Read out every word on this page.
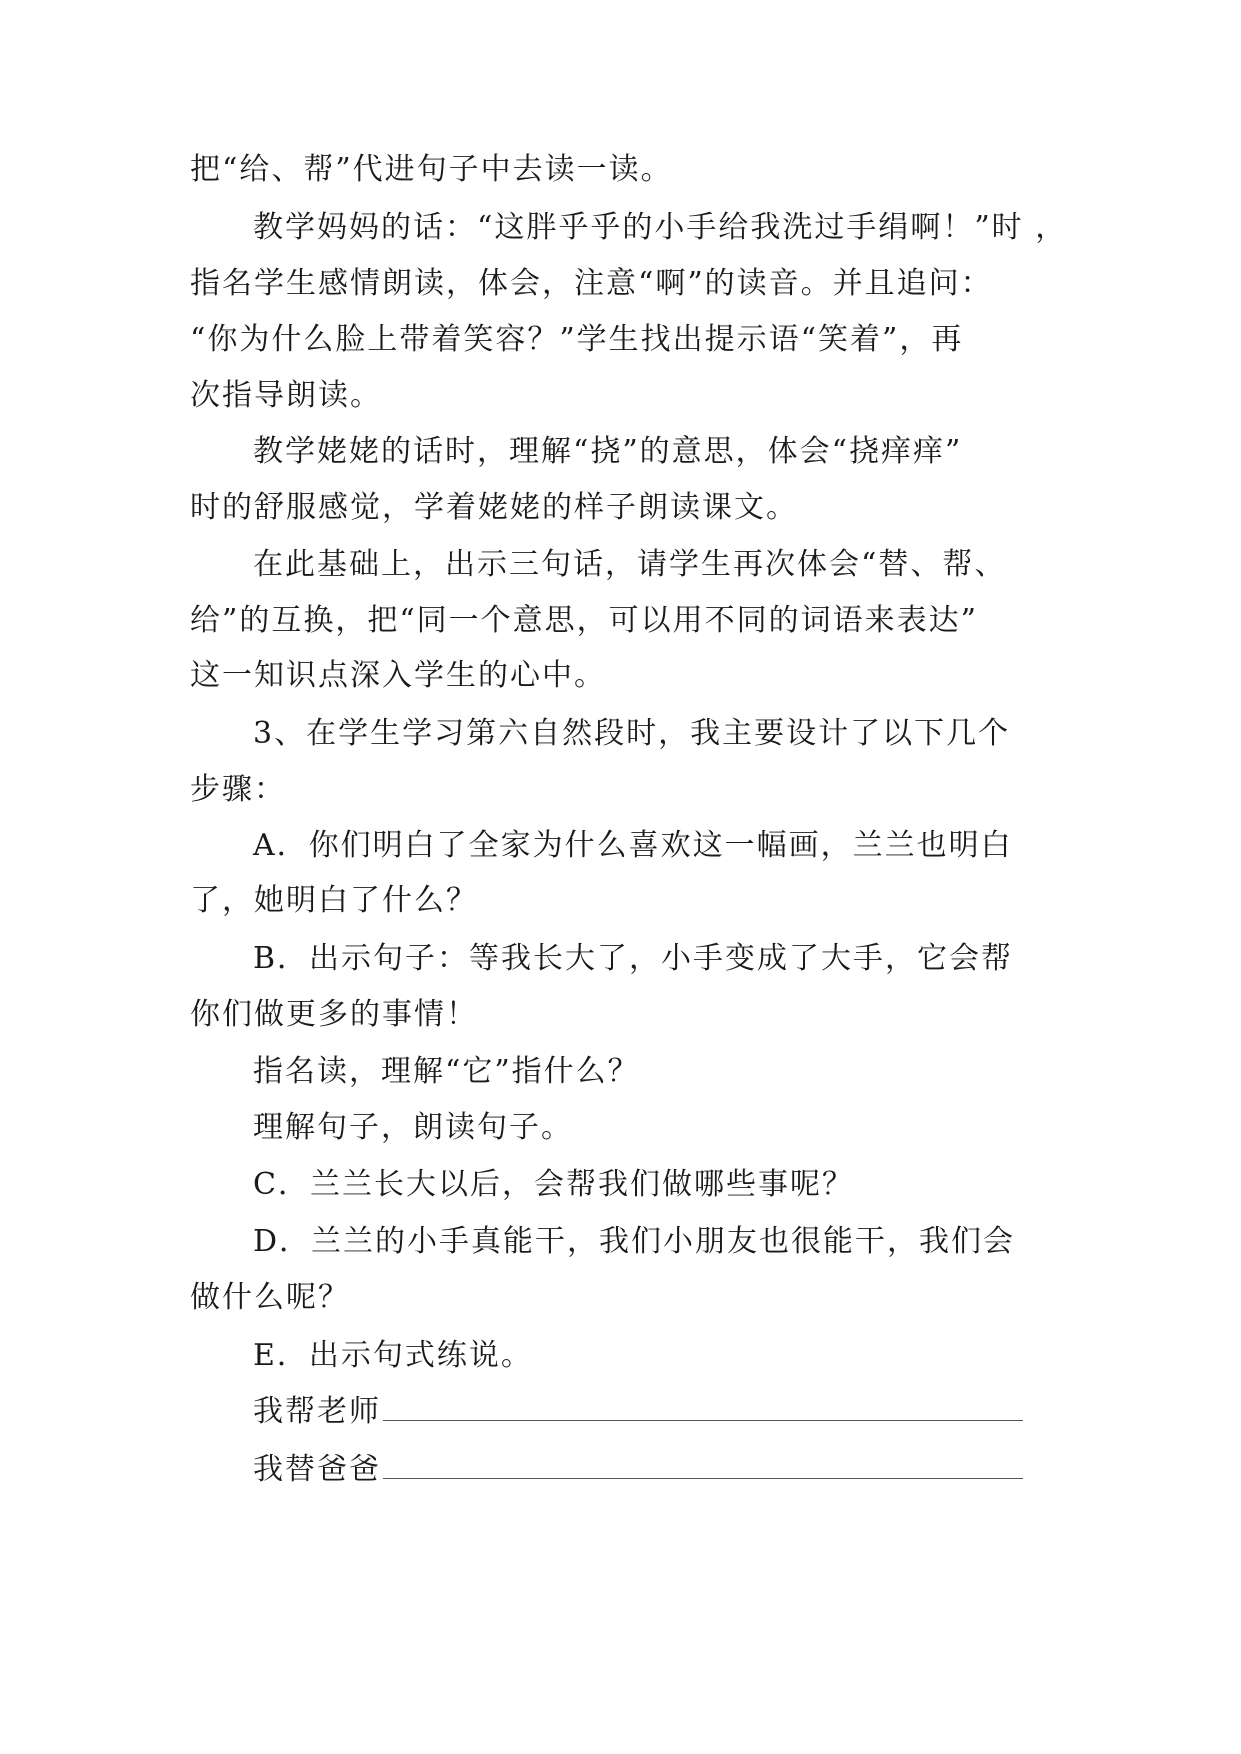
把“给、帮”代进句子中去读一读。
教学妈妈的话：“这胖乎乎的小手给我洗过手绢啊！”时 ，
指名学生感情朗读，体会，注意“啊”的读音。并且追问：
“你为什么脸上带着笑容？”学生找出提示语“笑着”，再
次指导朗读。
教学姥姥的话时，理解“挠”的意思，体会“挠痒痒”
时的舒服感觉，学着姥姥的样子朗读课文。
在此基础上，出示三句话，请学生再次体会“替、帮、
给”的互换，把“同一个意思，可以用不同的词语来表达”
这一知识点深入学生的心中。
3、在学生学习第六自然段时，我主要设计了以下几个
步骤：
A．你们明白了全家为什么喜欢这一幅画，兰兰也明白
了，她明白了什么？
B．出示句子：等我长大了，小手变成了大手，它会帮
你们做更多的事情！
指名读，理解“它”指什么？
理解句子，朗读句子。
C．兰兰长大以后，会帮我们做哪些事呢？
D．兰兰的小手真能干，我们小朋友也很能干，我们会
做什么呢？
E．出示句式练说。
我帮老师
我替爸爸
